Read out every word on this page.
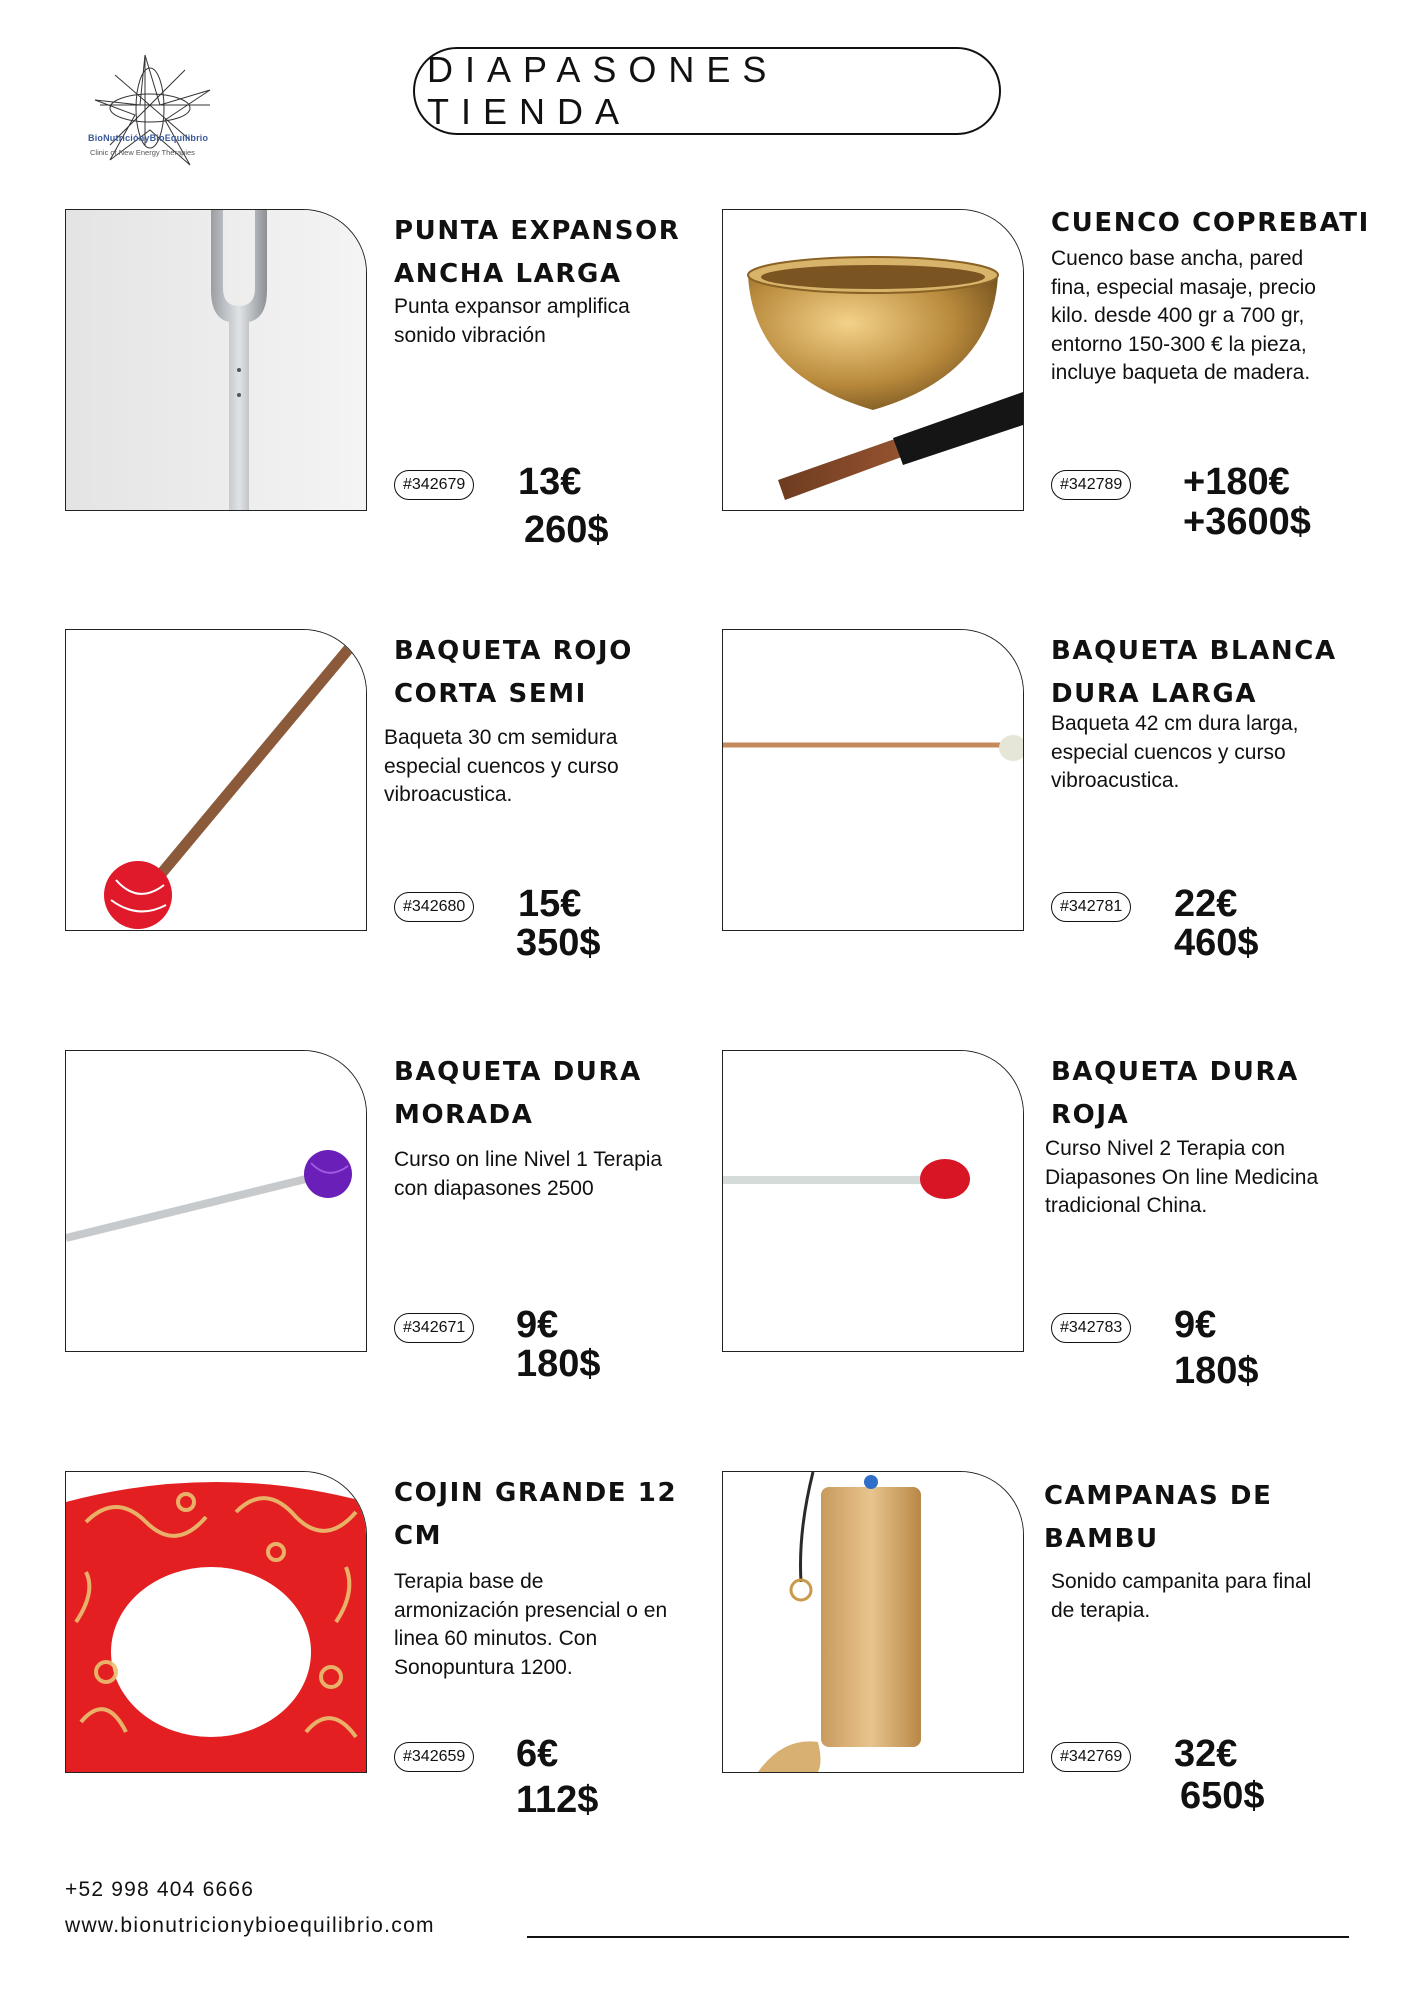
BioNutriciónyBioEquilibrio
Clinic of New Energy Therapies
DIAPASONES TIENDA
PUNTA EXPANSOR
ANCHA LARGA
Punta expansor amplifica sonido vibración
#342679 13€
260$
CUENCO COPREBATI
Cuenco base ancha, pared fina, especial masaje, precio kilo. desde 400 gr a 700 gr, entorno 150-300 € la pieza, incluye baqueta de madera.
#342789 +180€
+3600$
BAQUETA ROJO
CORTA SEMI
Baqueta 30 cm semidura especial cuencos y curso vibroacustica.
#342680 15€
350$
BAQUETA BLANCA
DURA LARGA
Baqueta 42 cm dura larga, especial cuencos y curso vibroacustica.
#342781 22€
460$
BAQUETA DURA
MORADA
Curso on line Nivel 1 Terapia con diapasones 2500
#342671 9€
180$
BAQUETA DURA
ROJA
Curso Nivel 2 Terapia con Diapasones On line Medicina tradicional China.
#342783 9€
180$
COJIN GRANDE 12
CM
Terapia base de armonización presencial o en linea 60 minutos. Con Sonopuntura 1200.
#342659 6€
112$
CAMPANAS DE
BAMBU
Sonido campanita para final de terapia.
#342769 32€
650$
+52 998 404 6666
www.bionutricionybioequilibrio.com
